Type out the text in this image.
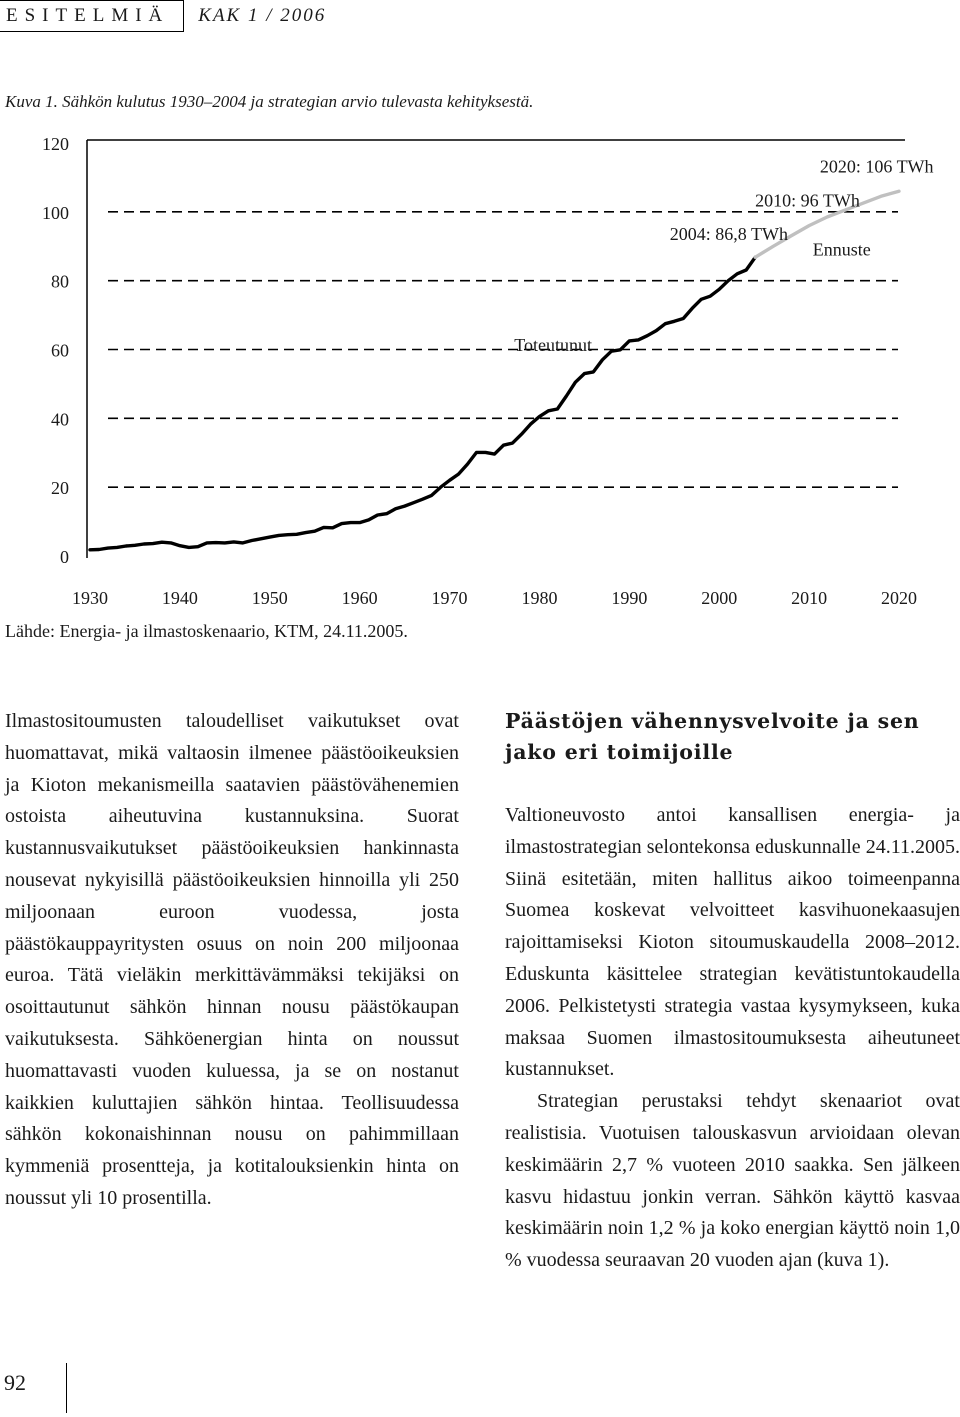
ESITELMIÄ	KAK 1 / 2006
Kuva 1. Sähkön kulutus 1930–2004 ja strategian arvio tulevasta kehityksestä.
0
20
40
60
80
100
120
1930	1940	1950	1960	1970	1980	1990	2000	2010	2020
2020: 106 TWh
2010: 96 TWh
2004: 86,8 TWh
Ennuste
Toteutunut
Lähde: Energia- ja ilmastoskenaario, KTM, 24.11.2005.

Ilmastositoumusten taloudelliset vaikutukset ovat huomattavat, mikä valtaosin ilmenee päästöoikeuksien ja Kioton mekanismeilla saatavien päästövähenemien ostoista aiheutuvina kustannuksina. Suorat kustannusvaikutukset päästöoikeuksien hankinnasta nousevat nykyisillä päästöoikeuksien hinnoilla yli 250 miljoonaan euroon vuodessa, josta päästökauppayritysten osuus on noin 200 miljoonaa euroa. Tätä vieläkin merkittävämmäksi tekijäksi on osoittautunut sähkön hinnan nousu päästökaupan vaikutuksesta. Sähköenergian hinta on noussut huomattavasti vuoden kuluessa, ja se on nostanut kaikkien kuluttajien sähkön hintaa. Teollisuudessa sähkön kokonaishinnan nousu on pahimmillaan kymmeniä prosentteja, ja kotitalouksienkin hinta on noussut yli 10 prosentilla.

Päästöjen vähennysvelvoite ja sen jako eri toimijoille

Valtioneuvosto antoi kansallisen energia- ja ilmastostrategian selontekonsa eduskunnalle 24.11.2005. Siinä esitetään, miten hallitus aikoo toimeenpanna Suomea koskevat velvoitteet kasvihuonekaasujen rajoittamiseksi Kioton sitoumuskaudella 2008–2012. Eduskunta käsittelee strategian kevätistuntokaudella 2006. Pelkistetysti strategia vastaa kysymykseen, kuka maksaa Suomen ilmastositoumuksesta aiheutuneet kustannukset.

Strategian perustaksi tehdyt skenaariot ovat realistisia. Vuotuisen talouskasvun arvioidaan olevan keskimäärin 2,7 % vuoteen 2010 saakka. Sen jälkeen kasvu hidastuu jonkin verran. Sähkön käyttö kasvaa keskimäärin noin 1,2 % ja koko energian käyttö noin 1,0 % vuodessa seuraavan 20 vuoden ajan (kuva 1).

92
